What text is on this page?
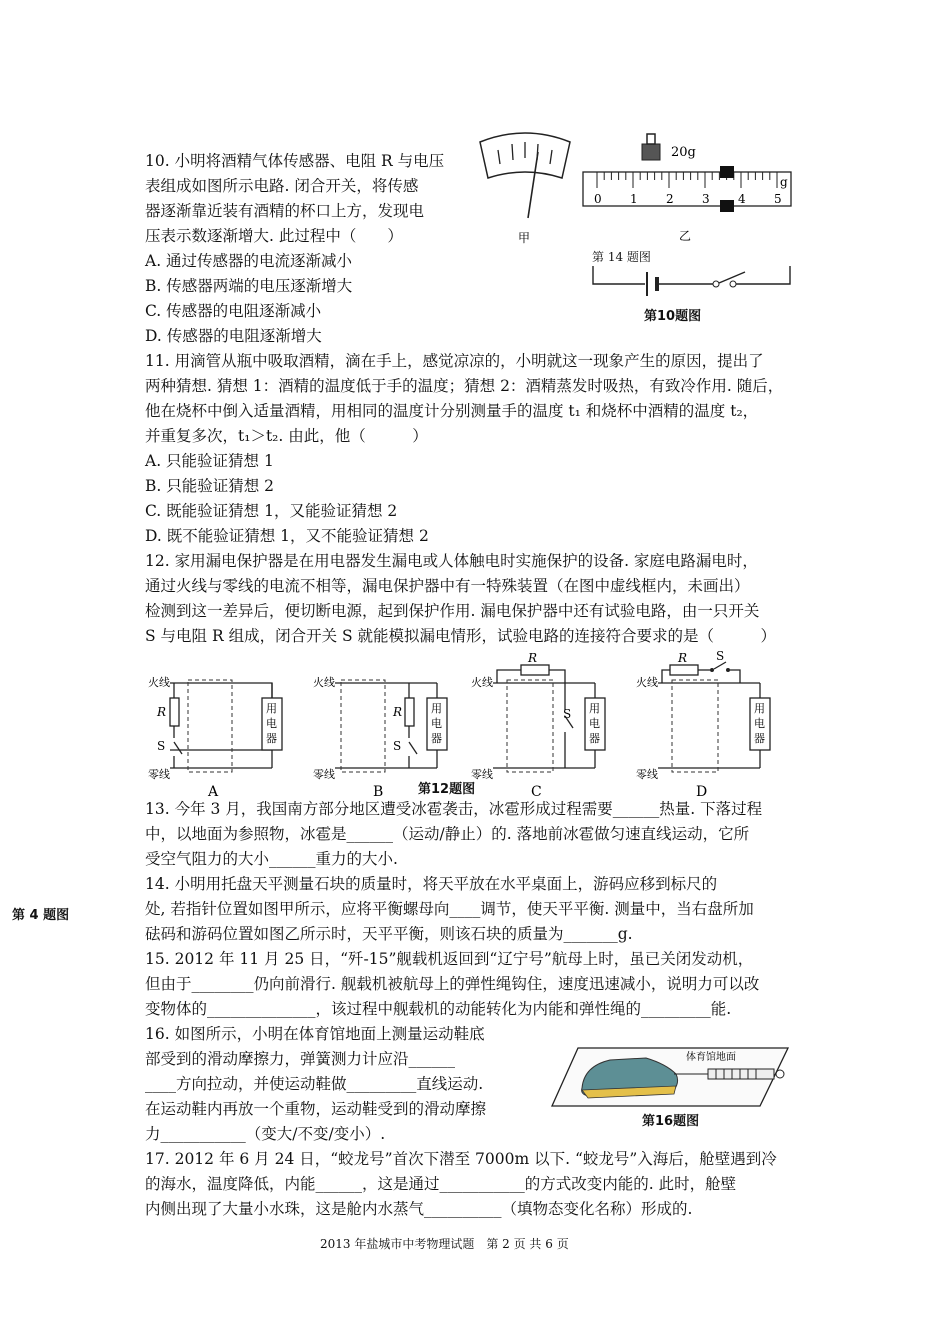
10. 小明将酒精气体传感器、电阻 R 与电压
表组成如图所示电路. 闭合开关，将传感
器逐渐靠近装有酒精的杯口上方，发现电
压表示数逐渐增大. 此过程中（　　）
A. 通过传感器的电流逐渐减小
B. 传感器两端的电压逐渐增大
C. 传感器的电阻逐渐减小
D. 传感器的电阻逐渐增大
甲
20g
0 1 2 3 4 5
g
乙
第 14 题图
第10题图
11. 用滴管从瓶中吸取酒精，滴在手上，感觉凉凉的，小明就这一现象产生的原因，提出了
两种猜想. 猜想 1：酒精的温度低于手的温度；猜想 2：酒精蒸发时吸热，有致冷作用. 随后，
他在烧杯中倒入适量酒精，用相同的温度计分别测量手的温度 t₁ 和烧杯中酒精的温度 t₂，
并重复多次，t₁＞t₂. 由此，他（　　　）
A. 只能验证猜想 1
B. 只能验证猜想 2
C. 既能验证猜想 1，又能验证猜想 2
D. 既不能验证猜想 1，又不能验证猜想 2
12. 家用漏电保护器是在用电器发生漏电或人体触电时实施保护的设备. 家庭电路漏电时，
通过火线与零线的电流不相等，漏电保护器中有一特殊装置（在图中虚线框内，未画出）
检测到这一差异后，便切断电源，起到保护作用. 漏电保护器中还有试验电路，由一只开关
S 与电阻 R 组成，闭合开关 S 就能模拟漏电情形，试验电路的连接符合要求的是（　　　）
火线
零线
R
S
用
电
器
A
火线
零线
R
S
用
电
器
B
火线
零线
R
S 用
电
器
C
火线
零线
R S
用
电
器
D
第12题图
13. 今年 3 月，我国南方部分地区遭受冰雹袭击，冰雹形成过程需要______热量. 下落过程
中，以地面为参照物，冰雹是______（运动/静止）的. 落地前冰雹做匀速直线运动，它所
受空气阻力的大小______重力的大小.
第 4 题图
14. 小明用托盘天平测量石块的质量时，将天平放在水平桌面上，游码应移到标尺的
处, 若指针位置如图甲所示，应将平衡螺母向____调节，使天平平衡. 测量中，当右盘所加
砝码和游码位置如图乙所示时，天平平衡，则该石块的质量为_______g.
15. 2012 年 11 月 25 日，“歼-15”舰载机返回到“辽宁号”航母上时，虽已关闭发动机，
但由于________仍向前滑行. 舰载机被航母上的弹性绳钩住，速度迅速减小，说明力可以改
变物体的______________，该过程中舰载机的动能转化为内能和弹性绳的_________能.
16. 如图所示，小明在体育馆地面上测量运动鞋底
部受到的滑动摩擦力，弹簧测力计应沿______
____方向拉动，并使运动鞋做_________直线运动.
在运动鞋内再放一个重物，运动鞋受到的滑动摩擦
力___________（变大/不变/变小）.
体育馆地面
第16题图
17. 2012 年 6 月 24 日，“蛟龙号”首次下潜至 7000m 以下. “蛟龙号”入海后，舱壁遇到冷
的海水，温度降低，内能______，这是通过___________的方式改变内能的. 此时，舱壁
内侧出现了大量小水珠，这是舱内水蒸气__________（填物态变化名称）形成的.
2013 年盐城市中考物理试题　第 2 页 共 6 页
